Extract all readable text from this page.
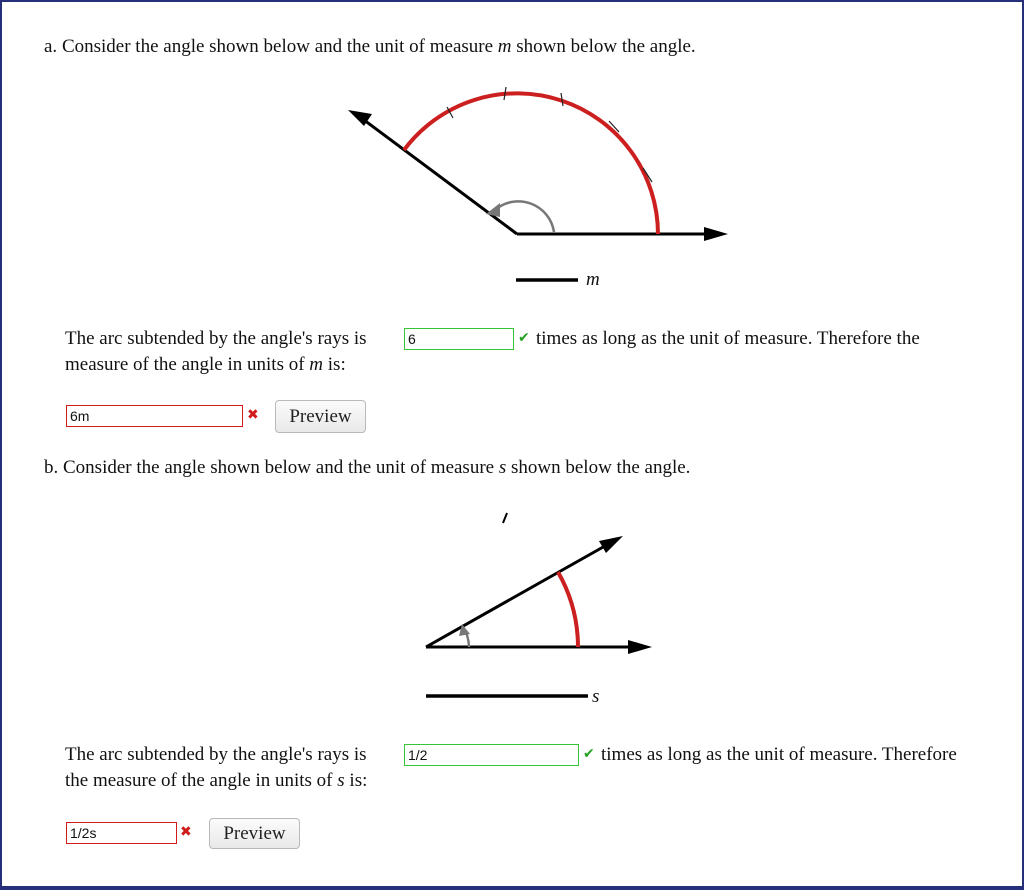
a. Consider the angle shown below and the unit of measure m shown below the angle.
m
The arc subtended by the angle's rays is
6	✔ times as long as the unit of measure. Therefore the
measure of the angle in units of m is:
6m
✖	Preview
b. Consider the angle shown below and the unit of measure s shown below the angle.
s
The arc subtended by the angle's rays is
1/2	✔ times as long as the unit of measure. Therefore
the measure of the angle in units of s is:
1/2s
✖	Preview
